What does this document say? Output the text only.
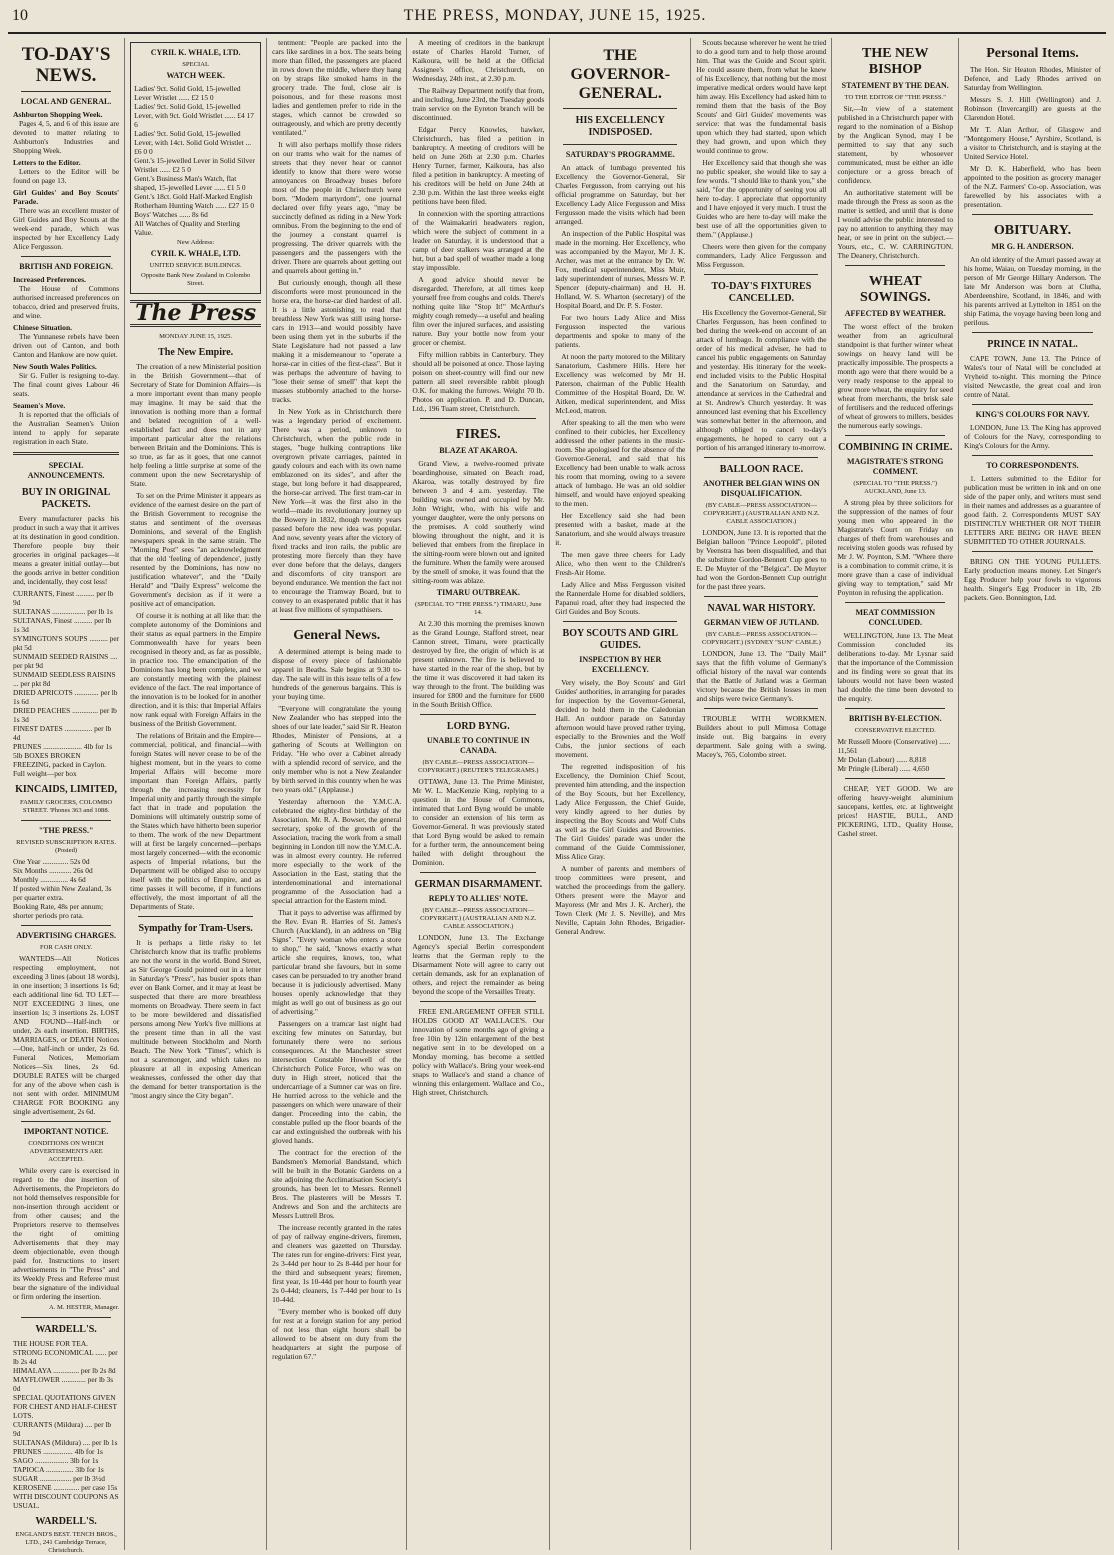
10	THE PRESS, MONDAY, JUNE 15, 1925.
TO-DAY'S NEWS.
LOCAL AND GENERAL.
Ashburton Shopping Week.

Pages 4, 5, and 6 of this issue are devoted to matter relating to Ashburton's Industries and Shopping Week.

Letters to the Editor.

Letters to the Editor will be found on page 13.

Girl Guides' and Boy Scouts' Parade.

There was an excellent muster of Girl Guides and Boy Scouts at the week-end parade, which was inspected by her Excellency Lady Alice Fergusson.

BRITISH AND FOREIGN.
Increased Preferences.

The House of Commons authorised increased preferences on tobacco, dried and preserved fruits, and wine.

Chinese Situation.

The Yunnanese rebels have been driven out of Canton, and both Canton and Hankow are now quiet.

New South Wales Politics.

Sir G. Fuller is resigning to-day. The final count gives Labour 46 seats.

Seamen's Move.

It is reported that the officials of the Australian Seamen's Union intend to apply for separate registration in each State.

SPECIAL ANNOUNCEMENTS.
BUY IN ORIGINAL PACKETS.

Every manufacturer packs his product in such a way that it arrives at its destination in good condition. Therefore people buy their groceries in original packages—it means a greater initial outlay—but the goods arrive in better condition and, incidentally, they cost less!

CURRANTS, Finest .......... per lb 9d
SULTANAS .................. per lb 1s
SULTANAS, Finest .......... per lb 1s 3d
SYMINGTON'S SOUPS .......... per pkt 5d
SUNMAID SEEDED RAISINS .... per pkt 9d
SUNMAID SEEDLESS RAISINS ... per pkt 8d
DRIED APRICOTS ............. per lb 1s 6d
DRIED PEACHES .............. per lb 1s 3d
FINEST DATES ............... per lb 4d
PRUNES ..................... 4lb for 1s
5lb BOXES BROKEN FREEZING, packed in Caylon. Full weight—per box
KINCAIDS, LIMITED,
FAMILY GROCERS, COLOMBO STREET. 'Phones 363 and 1088.
"THE PRESS."
REVISED SUBSCRIPTION RATES. (Posted)
One Year .............. 52s 0d
Six Months ............ 26s 0d
Monthly ............... 4s 6d
If posted within New Zealand, 3s per quarter extra.
Booking Rate, 48s per annum; shorter periods pro rata.
ADVERTISING CHARGES.
FOR CASH ONLY.

WANTEDS—All Notices respecting employment, not exceeding 3 lines (about 18 words), in one insertion; 3 insertions 1s 6d; each additional line 6d. TO LET—NOT EXCEEDING 3 lines, one insertion 1s; 3 insertions 2s. LOST AND FOUND—Half-inch or under, 2s each insertion. BIRTHS, MARRIAGES, or DEATH Notices—One, half-inch or under, 2s 6d. Funeral Notices, Memoriam Notices—Six lines, 2s 6d. DOUBLE RATES will be charged for any of the above when cash is not sent with order. MINIMUM CHARGE FOR BOOKING any single advertisement, 2s 6d.

IMPORTANT NOTICE.
CONDITIONS ON WHICH ADVERTISEMENTS ARE ACCEPTED.

While every care is exercised in regard to the due insertion of Advertisements, the Proprietors do not hold themselves responsible for non-insertion through accident or from other causes; and the Proprietors reserve to themselves the right of omitting Advertisements that they may deem objectionable, even though paid for. Instructions to insert advertisements in "The Press" and its Weekly Press and Referee must bear the signature of the individual or firm ordering the insertion.

A. M. HESTER, Manager.
WARDELL'S.
THE HOUSE FOR TEA.
STRONG ECONOMICAL ...... per lb 2s 4d
HIMALAYA .............. per lb 2s 8d
MAYFLOWER ............. per lb 3s 0d
SPECIAL QUOTATIONS GIVEN FOR CHEST AND HALF-CHEST LOTS.
CURRANTS (Mildura) .... per lb 9d
SULTANAS (Mildura) .... per lb 1s
PRUNES ................ 4lb for 1s
SAGO .................. 3lb for 1s
TAPIOCA ............... 3lb for 1s
SUGAR ................. per lb 3½d
KEROSENE .............. per case 15s
WITH DISCOUNT COUPONS AS USUAL.
WARDELL'S.
ENGLAND'S BEST. TENCH BROS., LTD., 241 Cambridge Terrace, Christchurch.
CYRIL K. WHALE, LTD.
SPECIAL
WATCH WEEK.
Ladies' 9ct. Solid Gold, 15-jewelled Lever Wristlet ...... £2 15 0
Ladies' 9ct. Solid Gold, 15-jewelled Lever, with 9ct. Gold Wristlet ...... £4 17 6
Ladies' 9ct. Solid Gold, 15-jewelled Lever, with 14ct. Solid Gold Wristlet ... £6 0 0
Gent.'s 15-jewelled Lever in Solid Silver Wristlet ...... £2 5 0
Gent.'s Business Man's Watch, flat shaped, 15-jewelled Lever ...... £1 5 0
Gent.'s 18ct. Gold Half-Marked English Rotherham Hunting Watch ...... £27 15 0
Boys' Watches ...... 8s 6d
All Watches of Quality and Sterling Value.
New Address:
CYRIL K. WHALE, LTD.
UNITED SERVICE BUILDINGS.
Opposite Bank New Zealand in Colombo Street.
The Press
MONDAY JUNE 15, 1925.
The New Empire.

The creation of a new Ministerial position in the British Government—that of Secretary of State for Dominion Affairs—is a more important event than many people may imagine. It may be said that the innovation is nothing more than a formal and belated recognition of a well-established fact and does not in any important particular alter the relations between Britain and the Dominions. This is so true, as far as it goes, that one cannot help feeling a little surprise at some of the comment upon the new Secretaryship of State.

To set on the Prime Minister it appears as evidence of the earnest desire on the part of the British Government to recognise the status and sentiment of the overseas Dominions, and several of the English newspapers speak in the same strain. The "Morning Post" sees "an acknowledgment that the old 'feeling of dependence', justly resented by the Dominions, has now no justification whatever", and the "Daily Herald" and "Daily Express" welcome the Government's decision as if it were a positive act of emancipation.

Of course it is nothing at all like that: the complete autonomy of the Dominions and their status as equal partners in the Empire Commonwealth have for years been recognised in theory and, as far as possible, in practice too. The emancipation of the Dominions has long been complete, and we are constantly meeting with the plainest evidence of the fact. The real importance of the innovation is to be looked for in another direction, and it is this: that Imperial Affairs now rank equal with Foreign Affairs in the business of the British Government.

The relations of Britain and the Empire—commercial, political, and financial—with foreign States will never cease to be of the highest moment, but in the years to come Imperial Affairs will become more important than Foreign Affairs, partly through the increasing necessity for Imperial unity and partly through the simple fact that in trade and population the Dominions will ultimately outstrip some of the States which have hitherto been superior to them. The work of the new Department will at first be largely concerned—perhaps most largely concerned—with the economic aspects of Imperial relations, but the Department will be obliged also to occupy itself with the politics of Empire, and as time passes it will become, if it functions effectively, the most important of all the Departments of State.

Sympathy for Tram-Users.

It is perhaps a little risky to let Christchurch know that its traffic problems are not the worst in the world. Bond Street, as Sir George Gould pointed out in a letter in Saturday's "Press", has busier spots than ever on Bank Corner, and it may at least be suspected that there are more breathless moments on Broadway. There seem in fact to be more bewildered and dissatisfied persons among New York's five millions at the present time than in all the vast multitude between Stockholm and North Beach. The New York "Times", which is not a scaremonger, and which takes no pleasure at all in exposing American weaknesses, confessed the other day that the demand for better transportation is the "most angry since the City began".

tentment: "People are packed into the cars like sardines in a box. The seats being more than filled, the passengers are placed in rows down the middle, where they hang on by straps like smoked hams in the grocery trade. The foul, close air is poisonous, and for these reasons most ladies and gentlemen prefer to ride in the stages, which cannot be crowded so outrageously, and which are pretty decently ventilated."

It will also perhaps mollify those riders on our trams who wait for the names of streets that they never hear or cannot identify to know that there were worse annoyances on Broadway buses before most of the people in Christchurch were born. "Modern martyrdom", one journal declared over fifty years ago, "may be succinctly defined as riding in a New York omnibus. From the beginning to the end of the journey a constant quarrel is progressing. The driver quarrels with the passengers and the passengers with the driver. There are quarrels about getting out and quarrels about getting in."

But curiously enough, though all these discomforts were most pronounced in the horse era, the horse-car died hardest of all. It is a little astonishing to read that breathless New York was still using horse-cars in 1913—and would possibly have been using them yet in the suburbs if the State Legislature had not passed a law making it a misdemeanour to "operate a horse-car in cities of the first-class". But it was perhaps the adventure of having to "lose their sense of smell" that kept the masses stubbornly attached to the horse-tracks.

In New York as in Christchurch there was a legendary period of excitement. There was a period, unknown to Christchurch, when the public rode in stages, "huge hulking contraptions like overgrown private carriages, painted in gaudy colours and each with its own name emblazoned on its sides", and after the stage, but long before it had disappeared, the horse-car arrived. The first tram-car in New York—it was the first also in the world—made its revolutionary journey up the Bowery in 1832, though twenty years passed before the new idea was popular. And now, seventy years after the victory of fixed tracks and iron rails, the public are protesting more fiercely than they have ever done before that the delays, dangers and discomforts of city transport are beyond endurance. We mention the fact not to encourage the Tramway Board, but to convey to an exasperated public that it has at least five millions of sympathisers.

General News.

A determined attempt is being made to dispose of every piece of fashionable apparel in Beaths. Sale begins at 9.30 to-day. The sale will in this issue tells of a few hundreds of the generous bargains. This is your buying time.

"Everyone will congratulate the young New Zealander who has stepped into the shoes of our late leader," said Sir R. Heaton Rhodes, Minister of Pensions, at a gathering of Scouts at Wellington on Friday. "He who over a Cabinet already with a splendid record of service, and the only member who is not a New Zealander by birth served in this country when he was two years old." (Applause.)

Yesterday afternoon the Y.M.C.A. celebrated the eighty-first birthday of the Association. Mr. R. A. Bowser, the general secretary, spoke of the growth of the Association, tracing the work from a small beginning in London till now the Y.M.C.A. was in almost every country. He referred more especially to the work of the Association in the East, stating that the interdenominational and international programme of the Association had a special attraction for the Eastern mind.

That it pays to advertise was affirmed by the Rev. Evan R. Harries of St. James's Church (Auckland), in an address on "Big Signs". "Every woman who enters a store to shop," he said, "knows exactly what article she requires, knows, too, what particular brand she favours, but in some cases can be persuaded to try another brand because it is judiciously advertised. Many houses openly acknowledge that they might as well go out of business as go out of advertising."

Passengers on a tramcar last night had exciting few minutes on Saturday, but fortunately there were no serious consequences. At the Manchester street intersection Constable Howell of the Christchurch Police Force, who was on duty in High street, noticed that the undercarriage of a Sumner car was on fire. He hurried across to the vehicle and the passengers on which were unaware of their danger. Proceeding into the cabin, the constable pulled up the floor boards of the car and extinguished the outbreak with his gloved hands.

The contract for the erection of the Bandsmen's Memorial Bandstand, which will be built in the Botanic Gardens on a site adjoining the Acclimatisation Society's grounds, has been let to Messrs. Rennell Bros. The plasterers will be Messrs T. Andrews and Son and the architects are Messrs Luttrell Bros.

The increase recently granted in the rates of pay of railway engine-drivers, firemen, and cleaners was gazetted on Thursday. The rates run for engine-drivers: First year, 2s 3-44d per hour to 2s 8-44d per hour for the third and subsequent years; firemen, first year, 1s 10-44d per hour to fourth year 2s 0-44d; cleaners, 1s 7-44d per hour to 1s 10-44d.

"Every member who is booked off duty for rest at a foreign station for any period of not less than eight hours shall be allowed to be absent on duty from the headquarters at sight the purpose of regulation 67."

A meeting of creditors in the bankrupt estate of Charles Harold Turner, of Kaikoura, will be held at the Official Assignee's office, Christchurch, on Wednesday, 24th inst., at 2.30 p.m.

The Railway Department notify that from, and including, June 23rd, the Tuesday goods train service on the Eyreton branch will be discontinued.

Edgar Percy Knowles, hawker, Christchurch, has filed a petition in bankruptcy. A meeting of creditors will be held on June 26th at 2.30 p.m. Charles Henry Turner, farmer, Kaikoura, has also filed a petition in bankruptcy. A meeting of his creditors will be held on June 24th at 2.30 p.m. Within the last three weeks eight petitions have been filed.

In connexion with the sporting attractions of the Waimakariri headwaters region, which were the subject of comment in a leader on Saturday, it is understood that a camp of deer stalkers was arranged at the hut, but a bad spell of weather made a long stay impossible.

A good advice should never be disregarded. Therefore, at all times keep yourself free from coughs and colds. There's nothing quite like "Stop It!" McArthur's mighty cough remedy—a useful and healing film over the injured surfaces, and assisting nature. Buy your bottle now from your grocer or chemist.

Fifty million rabbits in Canterbury. They should all be poisoned at once. Those laying poison on sheet-country will find our new pattern all steel reversible rabbit plough O.K. for making the furrows. Weight 70 lb. Photos on application. P. and D. Duncan, Ltd., 196 Tuam street, Christchurch.

FIRES.
BLAZE AT AKAROA.

Grand View, a twelve-roomed private boardinghouse, situated on Beach road, Akaroa, was totally destroyed by fire between 3 and 4 a.m. yesterday. The building was owned and occupied by Mr. John Wright, who, with his wife and younger daughter, were the only persons on the premises. A cold southerly wind blowing throughout the night, and it is believed that embers from the fireplace in the sitting-room were blown out and ignited the furniture. When the family were aroused by the smell of smoke, it was found that the sitting-room was ablaze.

TIMARU OUTBREAK.
(SPECIAL TO "THE PRESS.") TIMARU, June 14.

At 2.30 this morning the premises known as the Grand Lounge, Stafford street, near Cannon street, Timaru, were practically destroyed by fire, the origin of which is at present unknown. The fire is believed to have started in the rear of the shop, but by the time it was discovered it had taken its way through to the front. The building was insured for £800 and the furniture for £600 in the South British Office.

LORD BYNG.
UNABLE TO CONTINUE IN CANADA.
(BY CABLE—PRESS ASSOCIATION—COPYRIGHT.) (REUTER'S TELEGRAMS.)

OTTAWA, June 13. The Prime Minister, Mr W. L. MacKenzie King, replying to a question in the House of Commons, intimated that Lord Byng would be unable to consider an extension of his term as Governor-General. It was previously stated that Lord Byng would be asked to remain for a further term, the announcement being hailed with delight throughout the Dominion.

GERMAN DISARMAMENT.
REPLY TO ALLIES' NOTE.
(BY CABLE—PRESS ASSOCIATION—COPYRIGHT.) (AUSTRALIAN AND N.Z. CABLE ASSOCIATION.)

LONDON, June 13. The Exchange Agency's special Berlin correspondent learns that the German reply to the Disarmament Note will agree to carry out certain demands, ask for an explanation of others, and reject the remainder as being beyond the scope of the Versailles Treaty.

FREE ENLARGEMENT OFFER STILL HOLDS GOOD AT WALLACE'S. Our innovation of some months ago of giving a free 10in by 12in enlargement of the best negative sent in to be developed on a Monday morning, has become a settled policy with Wallace's. Bring your week-end snaps to Wallace's and stand a chance of winning this enlargement. Wallace and Co., High street, Christchurch.

THE GOVERNOR-GENERAL.
HIS EXCELLENCY INDISPOSED.
SATURDAY'S PROGRAMME.

An attack of lumbago prevented his Excellency the Governor-General, Sir Charles Fergusson, from carrying out his official programme on Saturday, but her Excellency Lady Alice Fergusson and Miss Fergusson made the visits which had been arranged.

An inspection of the Public Hospital was made in the morning. Her Excellency, who was accompanied by the Mayor, Mr J. K. Archer, was met at the entrance by Dr. W. Fox, medical superintendent, Miss Muir, lady superintendent of nurses, Messrs W. P. Spencer (deputy-chairman) and H. H. Holland, W. S. Wharton (secretary) of the Hospital Board, and Dr. P. S. Foster.

For two hours Lady Alice and Miss Fergusson inspected the various departments and spoke to many of the patients.

At noon the party motored to the Military Sanatorium, Cashmere Hills. Here her Excellency was welcomed by Mr H. Paterson, chairman of the Public Health Committee of the Hospital Board, Dr. W. Aitken, medical superintendent, and Miss McLeod, matron.

After speaking to all the men who were confined to their cubicles, her Excellency addressed the other patients in the music-room. She apologised for the absence of the Governor-General, and said that his Excellency had been unable to walk across his room that morning, owing to a severe attack of lumbago. He was an old soldier himself, and would have enjoyed speaking to the men.

Her Excellency said she had been presented with a basket, made at the Sanatorium, and she would always treasure it.

The men gave three cheers for Lady Alice, who then went to the Children's Fresh-Air Home.

Lady Alice and Miss Fergusson visited the Rannerdale Home for disabled soldiers, Papanui road, after they had inspected the Girl Guides and Boy Scouts.

BOY SCOUTS AND GIRL GUIDES.
INSPECTION BY HER EXCELLENCY.

Very wisely, the Boy Scouts' and Girl Guides' authorities, in arranging for parades for inspection by the Governor-General, decided to hold them in the Caledonian Hall. An outdoor parade on Saturday afternoon would have proved rather trying, especially to the Brownies and the Wolf Cubs, the junior sections of each movement.

The regretted indisposition of his Excellency, the Dominion Chief Scout, prevented him attending, and the inspection of the Boy Scouts, but her Excellency, Lady Alice Fergusson, the Chief Guide, very kindly agreed to her duties by inspecting the Boy Scouts and Wolf Cubs as well as the Girl Guides and Brownies. The Girl Guides' parade was under the command of the Guide Commissioner, Miss Alice Gray.

A number of parents and members of troop committees were present, and watched the proceedings from the gallery. Others present were the Mayor and Mayoress (Mr and Mrs J. K. Archer), the Town Clerk (Mr J. S. Neville), and Mrs Neville, Captain John Rhodes, Brigadier-General Andrew.

Scouts because wherever he went he tried to do a good turn and to help those around him. That was the Guide and Scout spirit. He could assure them, from what he knew of his Excellency, that nothing but the most imperative medical orders would have kept him away. His Excellency had asked him to remind them that the basis of the Boy Scouts' and Girl Guides' movements was service: that was the fundamental basis upon which they had started, upon which they had grown, and upon which they would continue to grow.

Her Excellency said that though she was no public speaker, she would like to say a few words. "I should like to thank you," she said, "for the opportunity of seeing you all here to-day. I appreciate that opportunity and I have enjoyed it very much. I trust the Guides who are here to-day will make the best use of all the opportunities given to them." (Applause.)

Cheers were then given for the company commanders, Lady Alice Fergusson and Miss Fergusson.

TO-DAY'S FIXTURES CANCELLED.

His Excellency the Governor-General, Sir Charles Fergusson, has been confined to bed during the week-end on account of an attack of lumbago. In compliance with the order of his medical adviser, he had to cancel his public engagements on Saturday and yesterday. His itinerary for the week-end included visits to the Public Hospital and the Sanatorium on Saturday, and attendance at services in the Cathedral and at St. Andrew's Church yesterday. It was announced last evening that his Excellency was somewhat better in the afternoon, and although obliged to cancel to-day's engagements, he hoped to carry out a portion of his arranged itinerary to-morrow.

BALLOON RACE.
ANOTHER BELGIAN WINS ON DISQUALIFICATION.
(BY CABLE—PRESS ASSOCIATION—COPYRIGHT.) (AUSTRALIAN AND N.Z. CABLE ASSOCIATION.)

LONDON, June 13. It is reported that the Belgian balloon "Prince Leopold", piloted by Veenstra has been disqualified, and that the substitute Gordon-Bennett Cup goes to E. De Muyter of the "Belgica". De Muyter had won the Gordon-Bennett Cup outright for the past three years.

NAVAL WAR HISTORY.
GERMAN VIEW OF JUTLAND.
(BY CABLE—PRESS ASSOCIATION—COPYRIGHT.) (SYDNEY "SUN" CABLE.)

LONDON, June 13. The "Daily Mail" says that the fifth volume of Germany's official history of the naval war contends that the Battle of Jutland was a German victory because the British losses in men and ships were twice Germany's.

TROUBLE WITH WORKMEN. Builders about to pull Mimosa Cottage inside out. Big bargains in every department. Sale going with a swing. Macey's, 765, Colombo street.

THE NEW BISHOP
STATEMENT BY THE DEAN.
TO THE EDITOR OF "THE PRESS."

Sir,—In view of a statement published in a Christchurch paper with regard to the nomination of a Bishop by the Anglican Synod, may I be permitted to say that any such statement, by whosoever communicated, must be either an idle conjecture or a gross breach of confidence.

An authoritative statement will be made through the Press as soon as the matter is settled, and until that is done I would advise the public interested to pay no attention to anything they may hear, or see in print on the subject.—Yours, etc., C. W. CARRINGTON. The Deanery, Christchurch.

WHEAT SOWINGS.
AFFECTED BY WEATHER.

The worst effect of the broken weather from an agricultural standpoint is that further winter wheat sowings on heavy land will be practically impossible. The prospects a month ago were that there would be a very ready response to the appeal to grow more wheat, the enquiry for seed wheat from merchants, the brisk sale of fertilisers and the reduced offerings of wheat of growers to millers, besides the numerous early sowings.

COMBINING IN CRIME.
MAGISTRATE'S STRONG COMMENT.
(SPECIAL TO "THE PRESS.") AUCKLAND, June 13.

A strong plea by three solicitors for the suppression of the names of four young men who appeared in the Magistrate's Court on Friday on charges of theft from warehouses and receiving stolen goods was refused by Mr J. W. Poynton, S.M. "Where there is a combination to commit crime, it is more grave than a case of individual giving way to temptation," said Mr Poynton in refusing the application.

MEAT COMMISSION CONCLUDED.

WELLINGTON, June 13. The Meat Commission concluded its deliberations to-day. Mr Lysnar said that the importance of the Commission and its finding were so great that its labours would not have been wasted had double the time been devoted to the enquiry.

BRITISH BY-ELECTION.
CONSERVATIVE ELECTED.
Mr Russell Moore (Conservative) ...... 11,561
Mr Dolan (Labour) ...... 8,818
Mr Pringle (Liberal) ...... 4,650

CHEAP, YET GOOD. We are offering heavy-weight aluminium saucepans, kettles, etc. at lightweight prices! HASTIE, BULL, AND PICKERING, LTD., Quality House, Cashel street.

Personal Items.

The Hon. Sir Heaton Rhodes, Minister of Defence, and Lady Rhodes arrived on Saturday from Wellington.

Messrs S. J. Hill (Wellington) and J. Robinson (Invercargill) are guests at the Clarendon Hotel.

Mr T. Alan Arthur, of Glasgow and "Montgomery House," Ayrshire, Scotland, is a visitor to Christchurch, and is staying at the United Service Hotel.

Mr D. K. Haberfield, who has been appointed to the position as grocery manager of the N.Z. Farmers' Co-op. Association, was farewelled by his associates with a presentation.

OBITUARY.
MR G. H. ANDERSON.

An old identity of the Amuri passed away at his home, Waiau, on Tuesday morning, in the person of Mr George Hillary Anderson. The late Mr Anderson was born at Clutha, Aberdeenshire, Scotland, in 1846, and with his parents arrived at Lyttelton in 1851 on the ship Fatima, the voyage having been long and perilous.

PRINCE IN NATAL.

CAPE TOWN, June 13. The Prince of Wales's tour of Natal will be concluded at Vryheid to-night. This morning the Prince visited Newcastle, the great coal and iron centre of Natal.

KING'S COLOURS FOR NAVY.

LONDON, June 13. The King has approved of Colours for the Navy, corresponding to King's Colours for the Army.

TO CORRESPONDENTS.

1. Letters submitted to the Editor for publication must be written in ink and on one side of the paper only, and writers must send in their names and addresses as a guarantee of good faith. 2. Correspondents MUST SAY DISTINCTLY WHETHER OR NOT THEIR LETTERS ARE BEING OR HAVE BEEN SUBMITTED TO OTHER JOURNALS.

BRING ON THE YOUNG PULLETS. Early production means money. Let Singer's Egg Producer help your fowls to vigorous health. Singer's Egg Producer in 1lb, 2lb packets. Geo. Bonnington, Ltd.
